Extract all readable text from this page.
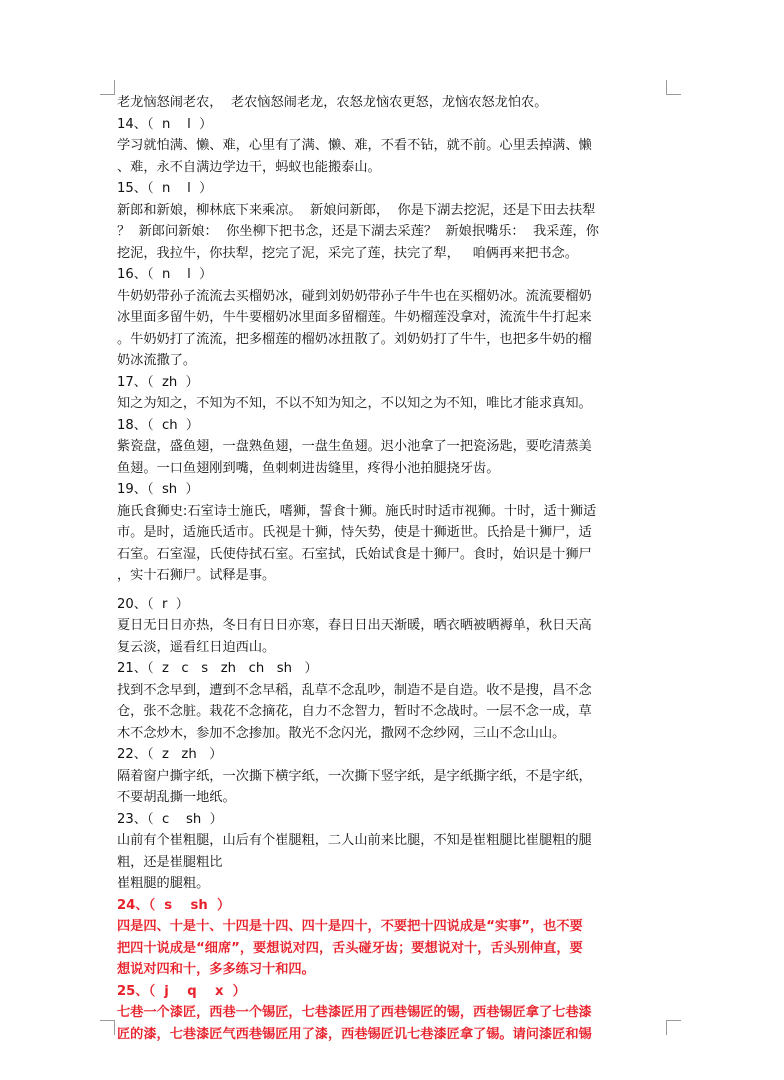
老龙恼怒闹老农，  老农恼怒闹老龙，农怒龙恼农更怒，龙恼农怒龙怕农。
14、（  n    l  ）
学习就怕满、懒、难，心里有了满、懒、难，不看不钻，就不前。心里丢掉满、懒
、难，永不自满边学边干，蚂蚁也能搬泰山。
15、（  n    l  ）
新郎和新娘，柳林底下来乘凉。  新娘问新郎，  你是下湖去挖泥，还是下田去扶犁
？  新郎问新娘：  你坐柳下把书念，还是下湖去采莲？  新娘抿嘴乐：  我采莲，你
挖泥，我拉牛，你扶犁，挖完了泥，采完了莲，扶完了犁，   咱俩再来把书念。
16、（  n    l  ）
牛奶奶带孙子流流去买榴奶冰，碰到刘奶奶带孙子牛牛也在买榴奶冰。流流要榴奶
冰里面多留牛奶，牛牛要榴奶冰里面多留榴莲。牛奶榴莲没拿对，流流牛牛打起来
。牛奶奶打了流流，把多榴莲的榴奶冰扭散了。刘奶奶打了牛牛，也把多牛奶的榴
奶冰流撒了。
17、（  zh  ）
知之为知之，不知为不知，不以不知为知之，不以知之为不知，唯比才能求真知。
18、（  ch  ）
紫瓷盘，盛鱼翅，一盘熟鱼翅，一盘生鱼翅。迟小池拿了一把瓷汤匙，要吃清蒸美
鱼翅。一口鱼翅刚到嘴，鱼刺刺进齿缝里，疼得小池拍腿挠牙齿。
19、（  sh  ）
施氏食狮史:石室诗士施氏，嗜狮，誓食十狮。施氏时时适市视狮。十时，适十狮适
市。是时，适施氏适市。氏视是十狮，恃矢势，使是十狮逝世。氏拾是十狮尸，适
石室。石室湿，氏使侍拭石室。石室拭，氏始试食是十狮尸。食时，始识是十狮尸
，实十石狮尸。试释是事。
20、（  r  ）
夏日无日日亦热，冬日有日日亦寒，春日日出天渐暖，晒衣晒被晒褥单，秋日天高
复云淡，遥看红日迫西山。
21、（  z   c   s   zh   ch   sh   ）
找到不念早到，遭到不念早稻，乱草不念乱吵，制造不是自造。收不是搜，昌不念
仓，张不念脏。栽花不念摘花，自力不念智力，暂时不念战时。一层不念一成，草
木不念炒木，参加不念掺加。散光不念闪光，撒网不念纱网，三山不念山山。
22、（  z   zh   ）
隔着窗户撕字纸，一次撕下横字纸，一次撕下竖字纸，是字纸撕字纸，不是字纸，
不要胡乱撕一地纸。
23、（  c    sh  ）
山前有个崔粗腿，山后有个崔腿粗，二人山前来比腿，不知是崔粗腿比崔腿粗的腿
粗，还是崔腿粗比
崔粗腿的腿粗。
24、（  s    sh  ）
四是四、十是十、十四是十四、四十是四十，不要把十四说成是“实事”，也不要
把四十说成是“细席”，要想说对四，舌头碰牙齿；要想说对十，舌头别伸直，要
想说对四和十，多多练习十和四。
25、（  j    q    x  ）
七巷一个漆匠，西巷一个锡匠，七巷漆匠用了西巷锡匠的锡，西巷锡匠拿了七巷漆
匠的漆，七巷漆匠气西巷锡匠用了漆，西巷锡匠讥七巷漆匠拿了锡。请问漆匠和锡
